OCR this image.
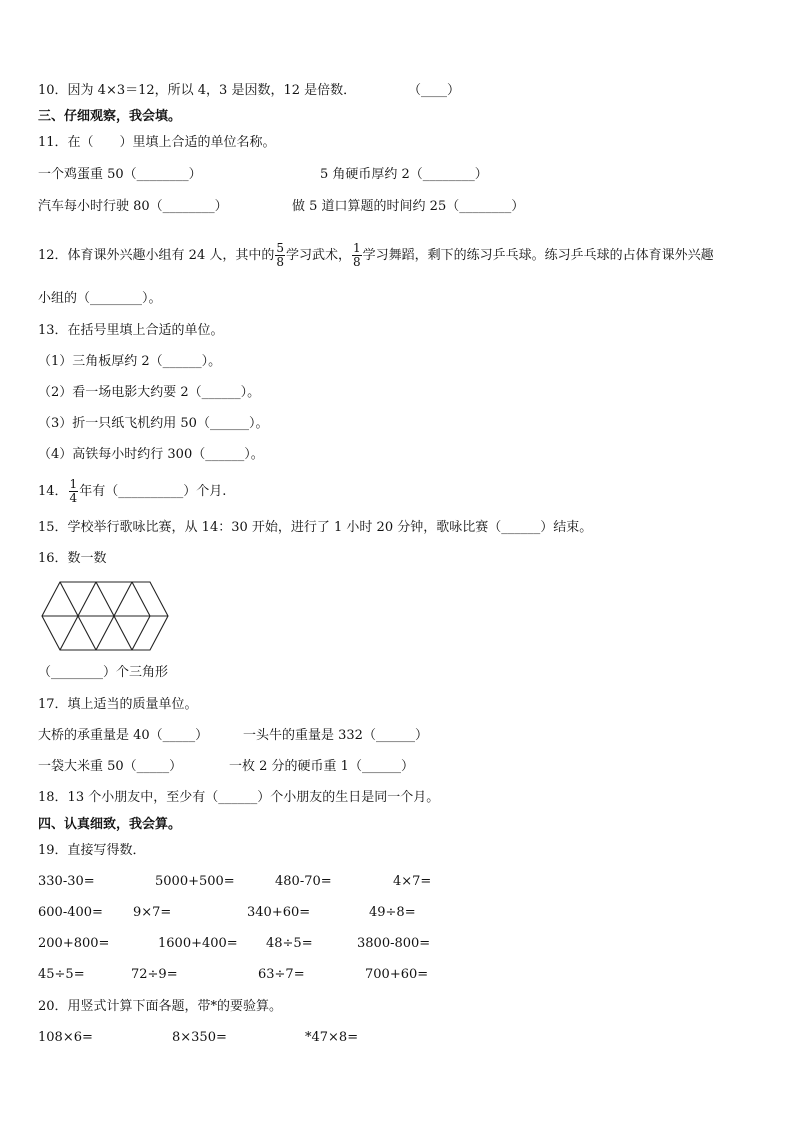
10．因为 4×3＝12，所以 4，3 是因数，12 是倍数．	（____）
三、仔细观察，我会填。
11．在（　　）里填上合适的单位名称。
一个鸡蛋重 50（________）	5 角硬币厚约 2（________）
汽车每小时行驶 80（________）	做 5 道口算题的时间约 25（________）
12．体育课外兴趣小组有 24 人，其中的 $\frac{5}{8}$ 学习武术， $\frac{1}{8}$ 学习舞蹈，剩下的练习乒乓球。练习乒乓球的占体育课外兴趣
小组的（________）。
13．在括号里填上合适的单位。
（1）三角板厚约 2（______）。
（2）看一场电影大约要 2（______）。
（3）折一只纸飞机约用 50（______）。
（4）高铁每小时约行 300（______）。
14． $\frac{1}{4}$ 年有（__________）个月.
15．学校举行歌咏比赛，从 14：30 开始，进行了 1 小时 20 分钟，歌咏比赛（______）结束。
16．数一数
（________）个三角形
17．填上适当的质量单位。
大桥的承重量是 40（_____）	一头牛的重量是 332（______）
一袋大米重 50（_____）	一枚 2 分的硬币重 1（______）
18．13 个小朋友中，至少有（______）个小朋友的生日是同一个月。
四、认真细致，我会算。
19．直接写得数．
330-30=	5000+500=	480-70=	4×7=
600-400= 9×7=	340+60=	49÷8=
200+800=	1600+400= 48÷5=	3800-800=
45÷5=	72÷9=	63÷7=	700+60=
20．用竖式计算下面各题，带*的要验算。
108×6=	8×350=	*47×8=
